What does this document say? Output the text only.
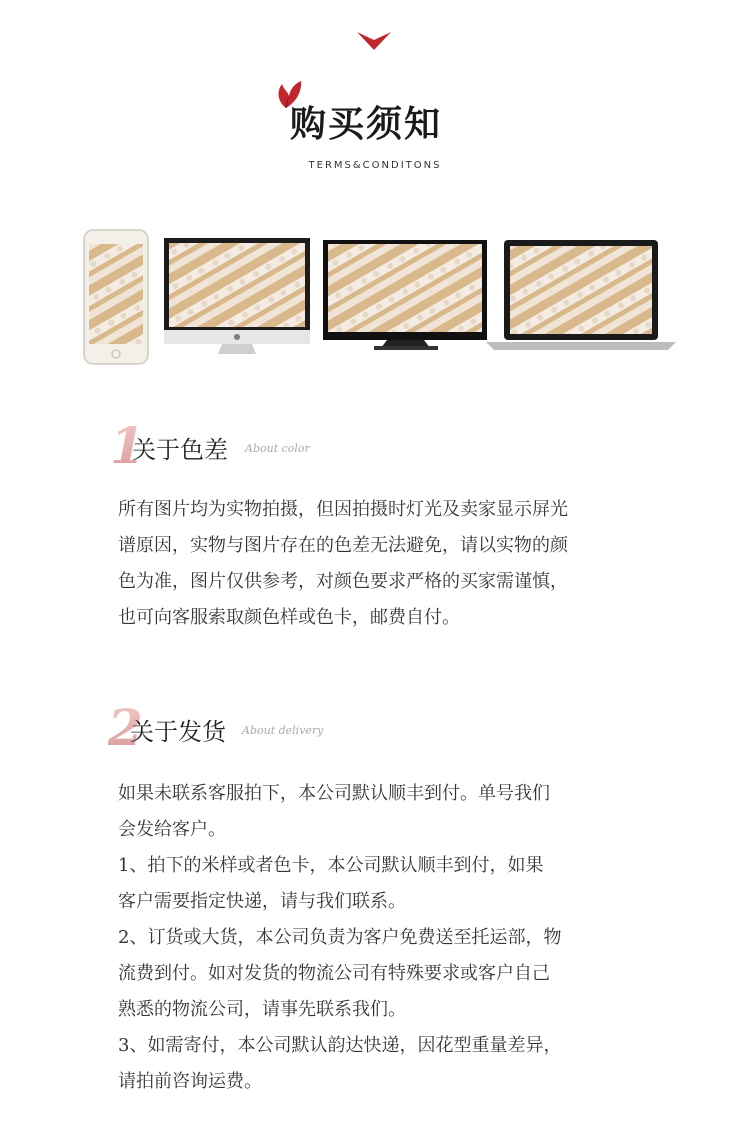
购买须知
TERMS&CONDITONS
1
关于色差 About color
所有图片均为实物拍摄，但因拍摄时灯光及卖家显示屏光
谱原因，实物与图片存在的色差无法避免，请以实物的颜
色为准，图片仅供参考，对颜色要求严格的买家需谨慎，
也可向客服索取颜色样或色卡，邮费自付。
2
关于发货 About delivery
如果未联系客服拍下，本公司默认顺丰到付。单号我们
会发给客户。
1、拍下的米样或者色卡，本公司默认顺丰到付，如果
客户需要指定快递，请与我们联系。
2、订货或大货，本公司负责为客户免费送至托运部，物
流费到付。如对发货的物流公司有特殊要求或客户自己
熟悉的物流公司，请事先联系我们。
3、如需寄付，本公司默认韵达快递，因花型重量差异，
请拍前咨询运费。
